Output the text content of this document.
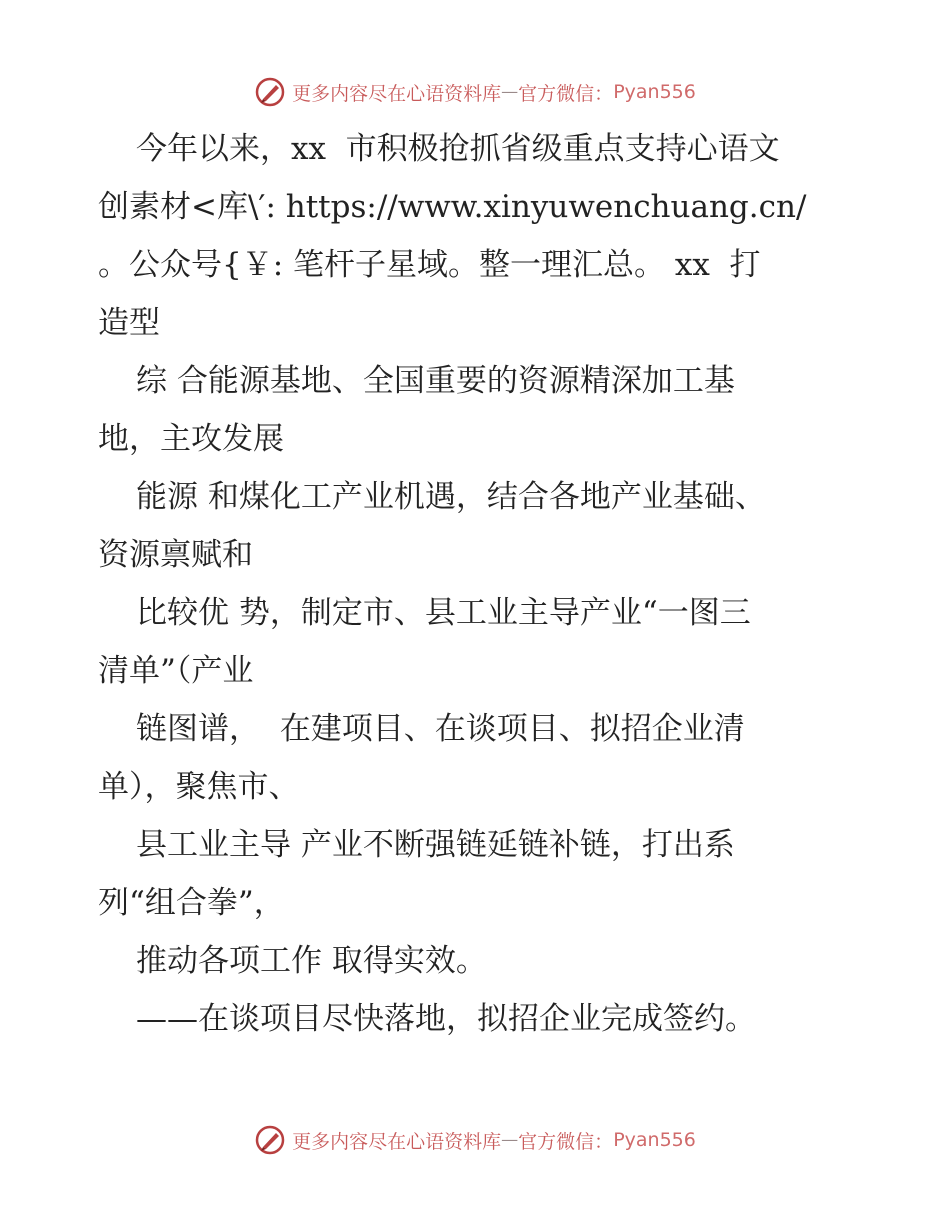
更多内容尽在心语资料库 — 官方微信： Pyan556
今年以来，xx  市积极抢抓省级重点支持心语文
创素材<库\′: https://www.xinyuwenchuang.cn/
。公众号{￥: 笔杆子星域。整一理汇总。 xx  打
造型
综 合能源基地、全国重要的资源精深加工基
地，主攻发展
能源 和煤化工产业机遇，结合各地产业基础、
资源禀赋和
比较优 势，制定市、县工业主导产业“一图三
清单”（产业
链图谱，  在建项目、在谈项目、拟招企业清
单），聚焦市、
县工业主导 产业不断强链延链补链，打出系
列“组合拳”，
推动各项工作 取得实效。
——在谈项目尽快落地，拟招企业完成签约。
更多内容尽在心语资料库 — 官方微信： Pyan556
